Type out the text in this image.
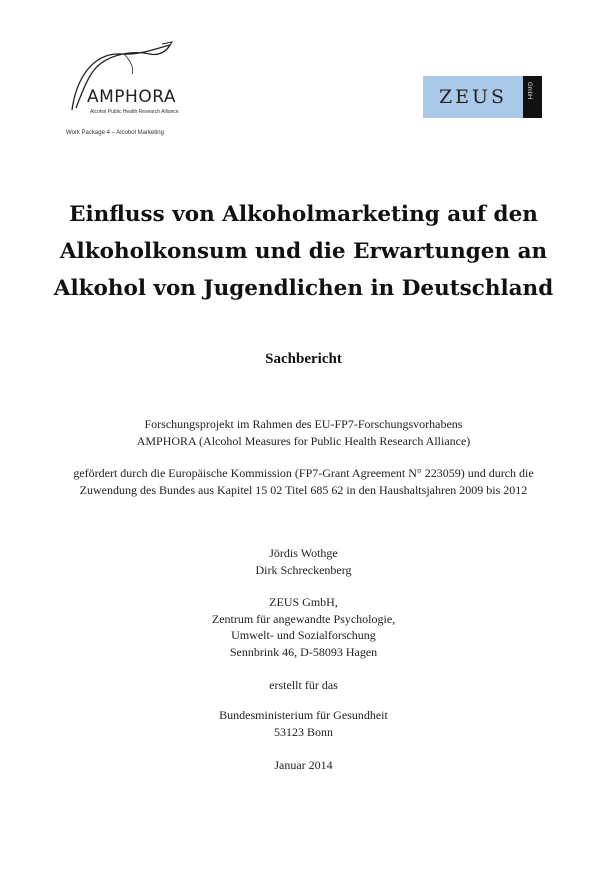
AMPHORA
Alcohol Public Health Research Alliance
Work Package 4 – Alcohol Marketing
ZEUS	GmbH
Einfluss von Alkoholmarketing auf den
Alkoholkonsum und die Erwartungen an
Alkohol von Jugendlichen in Deutschland
Sachbericht
Forschungsprojekt im Rahmen des EU-FP7-Forschungsvorhabens
AMPHORA (Alcohol Measures for Public Health Research Alliance)
gefördert durch die Europäische Kommission (FP7-Grant Agreement N° 223059) und durch die
Zuwendung des Bundes aus Kapitel 15 02 Titel 685 62 in den Haushaltsjahren 2009 bis 2012
Jördis Wothge
Dirk Schreckenberg
ZEUS GmbH,
Zentrum für angewandte Psychologie,
Umwelt- und Sozialforschung
Sennbrink 46, D-58093 Hagen
erstellt für das
Bundesministerium für Gesundheit
53123 Bonn
Januar 2014
